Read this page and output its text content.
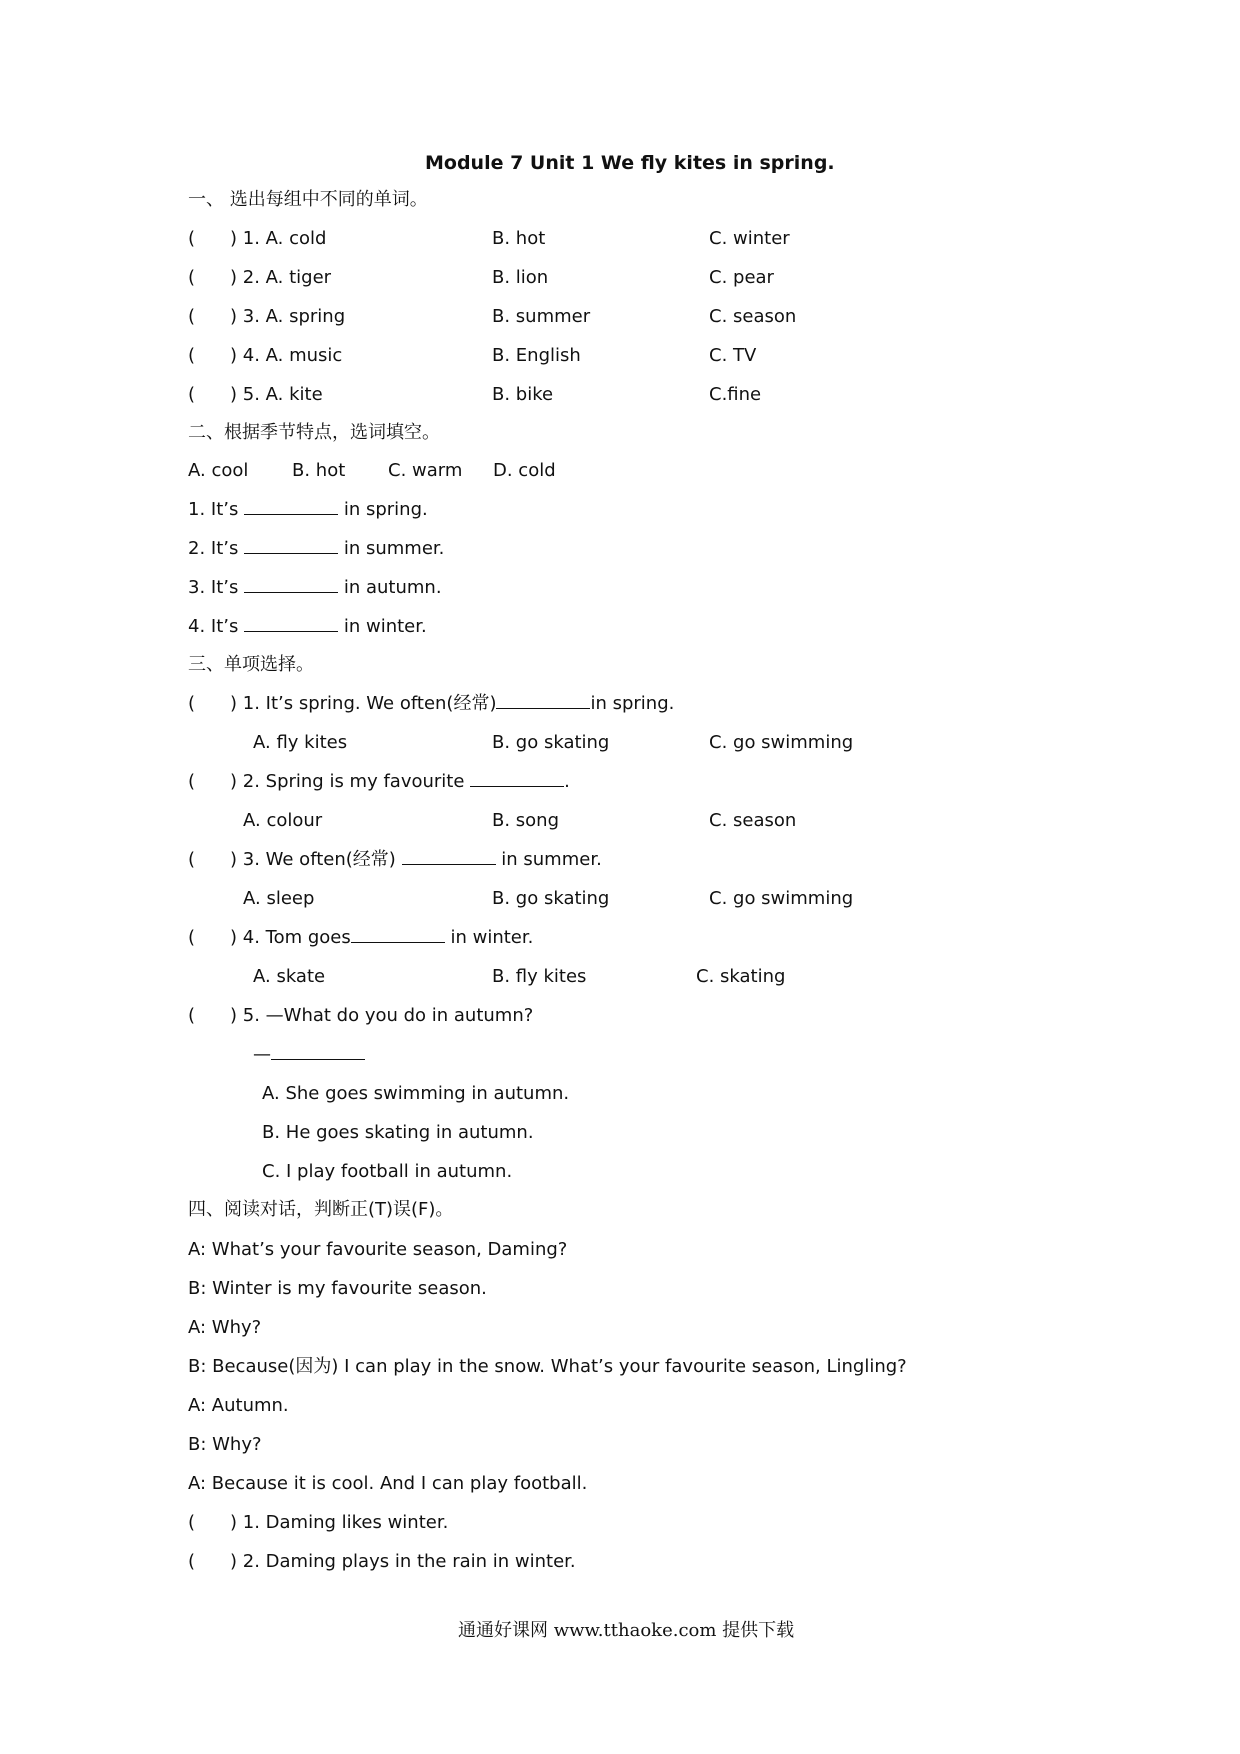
Module 7 Unit 1 We fly kites in spring.
一、 选出每组中不同的单词。
( ) 1. A. cold	B. hot	C. winter
( ) 2. A. tiger	B. lion	C. pear
( ) 3. A. spring	B. summer	C. season
( ) 4. A. music	B. English	C. TV
( ) 5. A. kite	B. bike	C.fine
二、根据季节特点，选词填空。
A. cool B. hot C. warm D. cold
1. It’s	in spring.
2. It’s	in summer.
3. It’s	in autumn.
4. It’s	in winter.
三、单项选择。
( ) 1. It’s spring. We often(经常)	in spring.
A. fly kites	B. go skating	C. go swimming
( ) 2. Spring is my favourite	.
A. colour	B. song	C. season
( ) 3. We often(经常)	in summer.
A. sleep	B. go skating	C. go swimming
( ) 4. Tom goes	in winter.
A. skate	B. fly kites	C. skating
( ) 5. —What do you do in autumn?
—
A. She goes swimming in autumn.
B. He goes skating in autumn.
C. I play football in autumn.
四、阅读对话，判断正(T)误(F)。
A: What’s your favourite season, Daming?
B: Winter is my favourite season.
A: Why?
B: Because(因为) I can play in the snow. What’s your favourite season, Lingling?
A: Autumn.
B: Why?
A: Because it is cool. And I can play football.
( ) 1. Daming likes winter.
( ) 2. Daming plays in the rain in winter.
通通好课网 www.tthaoke.com 提供下载
